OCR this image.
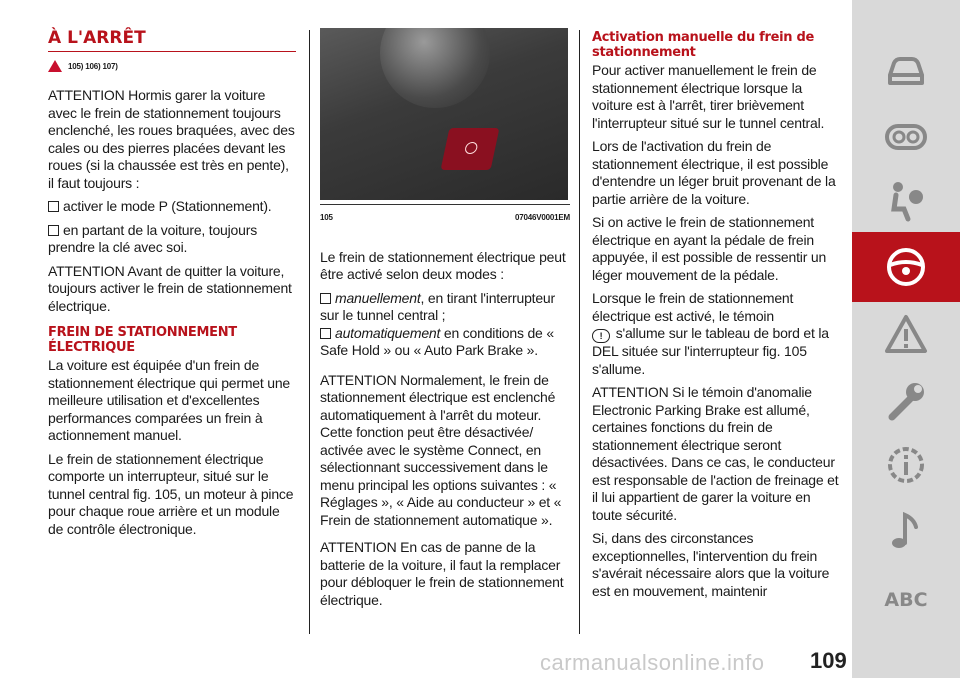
À L'ARRÊT
105) 106) 107)

ATTENTION Hormis garer la voiture avec le frein de stationnement toujours enclenché, les roues braquées, avec des cales ou des pierres placées devant les roues (si la chaussée est très en pente), il faut toujours :

activer le mode P (Stationnement).

en partant de la voiture, toujours prendre la clé avec soi.

ATTENTION Avant de quitter la voiture, toujours activer le frein de stationnement électrique.

FREIN DE STATIONNEMENT ÉLECTRIQUE

La voiture est équipée d'un frein de stationnement électrique qui permet une meilleure utilisation et d'excellentes performances comparées un frein à actionnement manuel.

Le frein de stationnement électrique comporte un interrupteur, situé sur le tunnel central fig. 105, un moteur à pince pour chaque roue arrière et un module de contrôle électronique.

105	07046V0001EM

Le frein de stationnement électrique peut être activé selon deux modes :

manuellement, en tirant l'interrupteur sur le tunnel central ;

automatiquement en conditions de « Safe Hold » ou « Auto Park Brake ».

ATTENTION Normalement, le frein de stationnement électrique est enclenché automatiquement à l'arrêt du moteur. Cette fonction peut être désactivée/ activée avec le système Connect, en sélectionnant successivement dans le menu principal les options suivantes : « Réglages », « Aide au conducteur » et « Frein de stationnement automatique ».

ATTENTION En cas de panne de la batterie de la voiture, il faut la remplacer pour débloquer le frein de stationnement électrique.

Activation manuelle du frein de stationnement

Pour activer manuellement le frein de stationnement électrique lorsque la voiture est à l'arrêt, tirer brièvement l'interrupteur situé sur le tunnel central.

Lors de l'activation du frein de stationnement électrique, il est possible d'entendre un léger bruit provenant de la partie arrière de la voiture.

Si on active le frein de stationnement électrique en ayant la pédale de frein appuyée, il est possible de ressentir un léger mouvement de la pédale.

Lorsque le frein de stationnement électrique est activé, le témoin
! s'allume sur le tableau de bord et la DEL située sur l'interrupteur fig. 105 s'allume.

ATTENTION Si le témoin d'anomalie Electronic Parking Brake est allumé, certaines fonctions du frein de stationnement électrique seront désactivées. Dans ce cas, le conducteur est responsable de l'action de freinage et il lui appartient de garer la voiture en toute sécurité.

Si, dans des circonstances exceptionnelles, l'intervention du frein s'avérait nécessaire alors que la voiture est en mouvement, maintenir	ABC
carmanualsonline.info 109
